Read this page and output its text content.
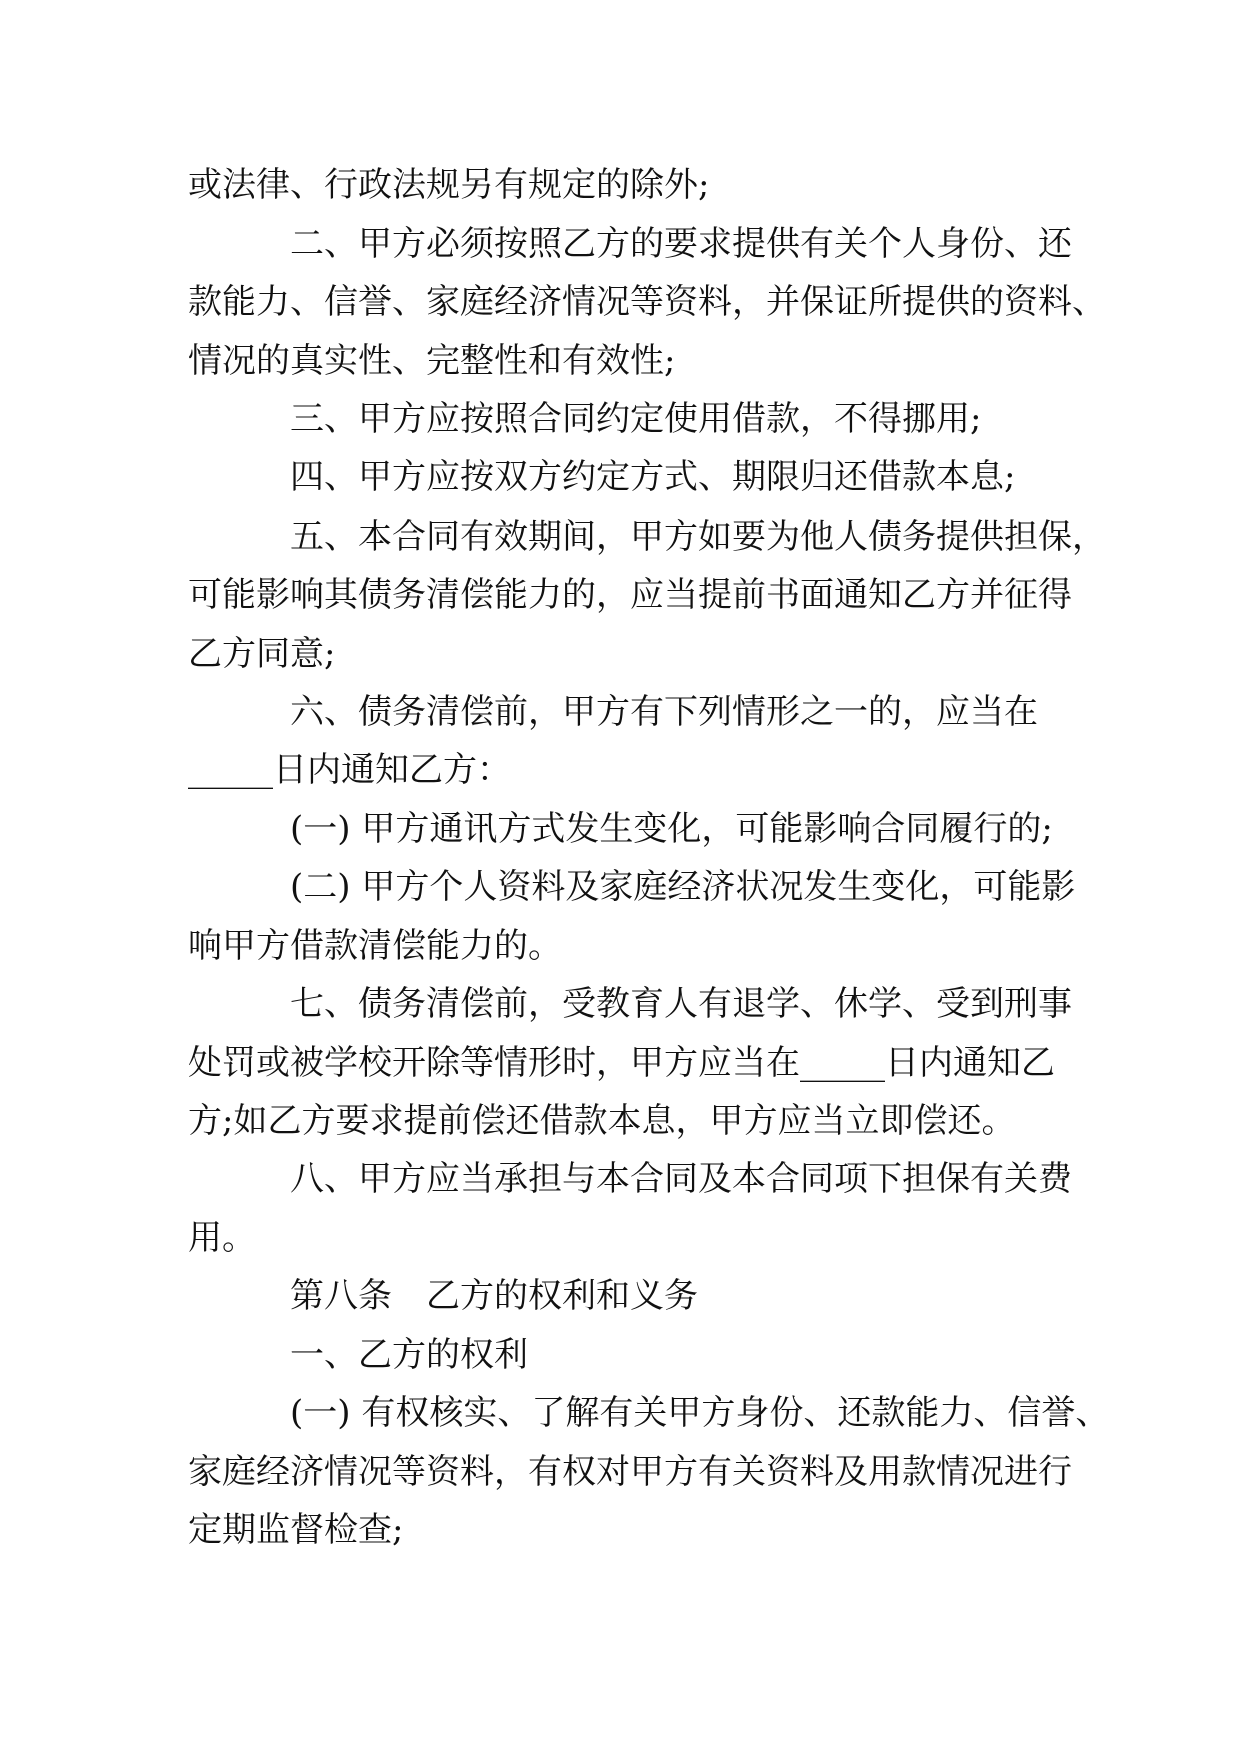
或法律、行政法规另有规定的除外;
二、甲方必须按照乙方的要求提供有关个人身份、还
款能力、信誉、家庭经济情况等资料，并保证所提供的资料、
情况的真实性、完整性和有效性;
三、甲方应按照合同约定使用借款，不得挪用;
四、甲方应按双方约定方式、期限归还借款本息;
五、本合同有效期间，甲方如要为他人债务提供担保，
可能影响其债务清偿能力的，应当提前书面通知乙方并征得
乙方同意;
六、债务清偿前，甲方有下列情形之一的，应当在
_____日内通知乙方：
(一) 甲方通讯方式发生变化，可能影响合同履行的;
(二) 甲方个人资料及家庭经济状况发生变化，可能影
响甲方借款清偿能力的。
七、债务清偿前，受教育人有退学、休学、受到刑事
处罚或被学校开除等情形时，甲方应当在_____日内通知乙
方;如乙方要求提前偿还借款本息，甲方应当立即偿还。
八、甲方应当承担与本合同及本合同项下担保有关费
用。
第八条　乙方的权利和义务
一、乙方的权利
(一) 有权核实、了解有关甲方身份、还款能力、信誉、
家庭经济情况等资料，有权对甲方有关资料及用款情况进行
定期监督检查;
